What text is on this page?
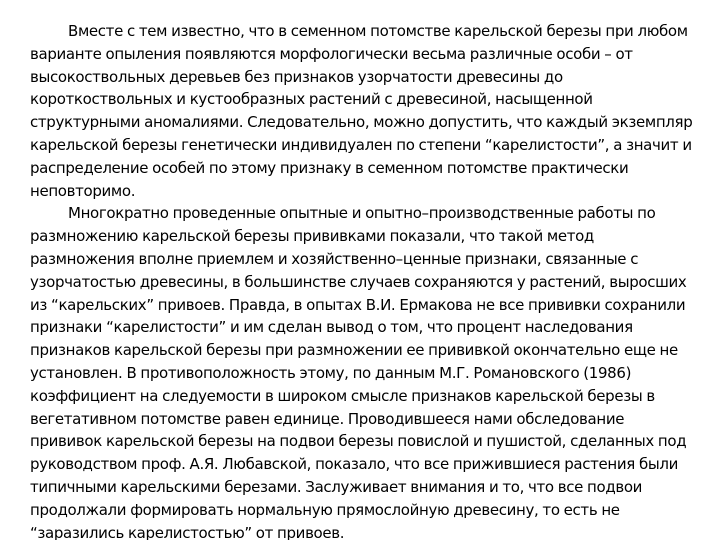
Вместе с тем известно, что в семенном потомстве карельской березы при любом
варианте опыления появляются морфологически весьма различные особи – от
высокоствольных деревьев без признаков узорчатости древесины до
короткоствольных и кустообразных растений с древесиной, насыщенной
структурными аномалиями. Следовательно, можно допустить, что каждый экземпляр
карельской березы генетически индивидуален по степени “карелистости”, а значит и
распределение особей по этому признаку в семенном потомстве практически
неповторимо.
Многократно проведенные опытные и опытно–производственные работы по
размножению карельской березы прививками показали, что такой метод
размножения вполне приемлем и хозяйственно–ценные признаки, связанные с
узорчатостью древесины, в большинстве случаев сохраняются у растений, выросших
из “карельских” привоев. Правда, в опытах В.И. Ермакова не все прививки сохранили
признаки “карелистости” и им сделан вывод о том, что процент наследования
признаков карельской березы при размножении ее прививкой окончательно еще не
установлен. В противоположность этому, по данным М.Г. Романовского (1986)
коэффициент на следуемости в широком смысле признаков карельской березы в
вегетативном потомстве равен единице. Проводившееся нами обследование
прививок карельской березы на подвои березы повислой и пушистой, сделанных под
руководством проф. А.Я. Любавской, показало, что все прижившиеся растения были
типичными карельскими березами. Заслуживает внимания и то, что все подвои
продолжали формировать нормальную прямослойную древесину, то есть не
“заразились карелистостью” от привоев.
